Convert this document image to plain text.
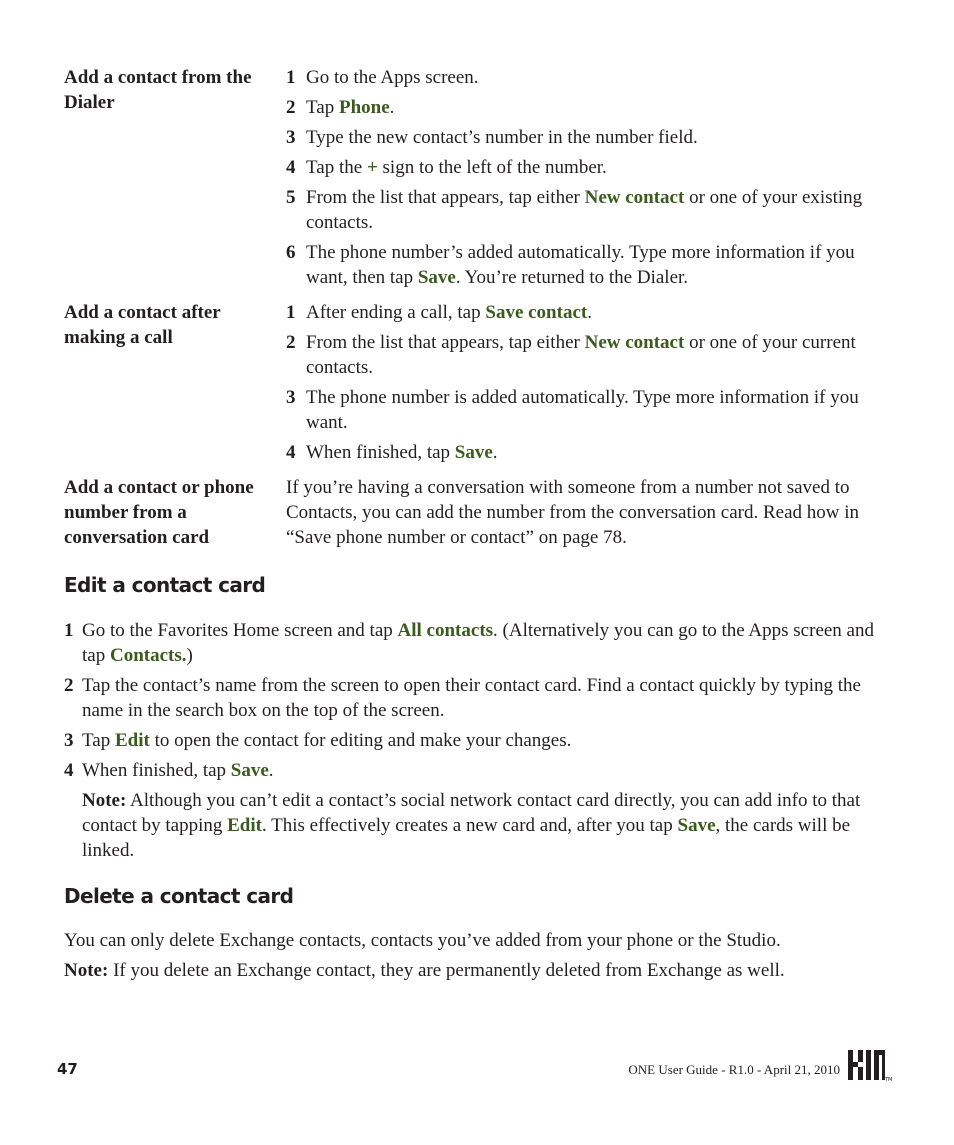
Add a contact from the Dialer
1 Go to the Apps screen.
2 Tap Phone.
3 Type the new contact’s number in the number field.
4 Tap the + sign to the left of the number.
5 From the list that appears, tap either New contact or one of your existing contacts.
6 The phone number’s added automatically. Type more information if you want, then tap Save. You’re returned to the Dialer.
Add a contact after making a call
1 After ending a call, tap Save contact.
2 From the list that appears, tap either New contact or one of your current contacts.
3 The phone number is added automatically. Type more information if you want.
4 When finished, tap Save.
Add a contact or phone number from a conversation card
If you’re having a conversation with someone from a number not saved to Contacts, you can add the number from the conversation card. Read how in “Save phone number or contact” on page 78.
Edit a contact card
1 Go to the Favorites Home screen and tap All contacts. (Alternatively you can go to the Apps screen and tap Contacts.)
2 Tap the contact’s name from the screen to open their contact card. Find a contact quickly by typing the name in the search box on the top of the screen.
3 Tap Edit to open the contact for editing and make your changes.
4 When finished, tap Save.
Note: Although you can’t edit a contact’s social network contact card directly, you can add info to that contact by tapping Edit. This effectively creates a new card and, after you tap Save, the cards will be linked.
Delete a contact card
You can only delete Exchange contacts, contacts you’ve added from your phone or the Studio.
Note: If you delete an Exchange contact, they are permanently deleted from Exchange as well.
47	ONE User Guide - R1.0 - April 21, 2010
TM
